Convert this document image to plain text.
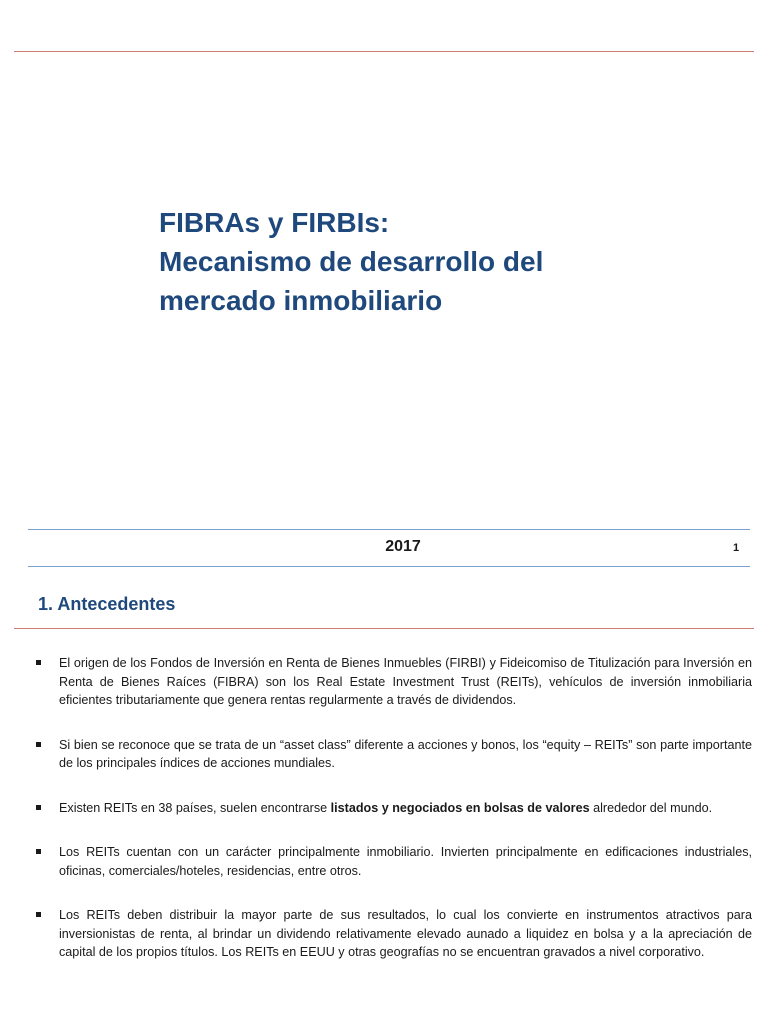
FIBRAs y FIRBIs:
Mecanismo de desarrollo del
mercado inmobiliario
2017	1
1. Antecedentes
El origen de los Fondos de Inversión en Renta de Bienes Inmuebles (FIRBI) y Fideicomiso de Titulización para Inversión en Renta de Bienes Raíces (FIBRA) son los Real Estate Investment Trust (REITs), vehículos de inversión inmobiliaria eficientes tributariamente que genera rentas regularmente a través de dividendos.
Si bien se reconoce que se trata de un “asset class” diferente a acciones y bonos, los “equity – REITs” son parte importante de los principales índices de acciones mundiales.
Existen REITs en 38 países, suelen encontrarse listados y negociados en bolsas de valores alrededor del mundo.
Los REITs cuentan con un carácter principalmente inmobiliario. Invierten principalmente en edificaciones industriales, oficinas, comerciales/hoteles, residencias, entre otros.
Los REITs deben distribuir la mayor parte de sus resultados, lo cual los convierte en instrumentos atractivos para inversionistas de renta, al brindar un dividendo relativamente elevado aunado a liquidez en bolsa y a la apreciación de capital de los propios títulos. Los REITs en EEUU y otras geografías no se encuentran gravados a nivel corporativo.
